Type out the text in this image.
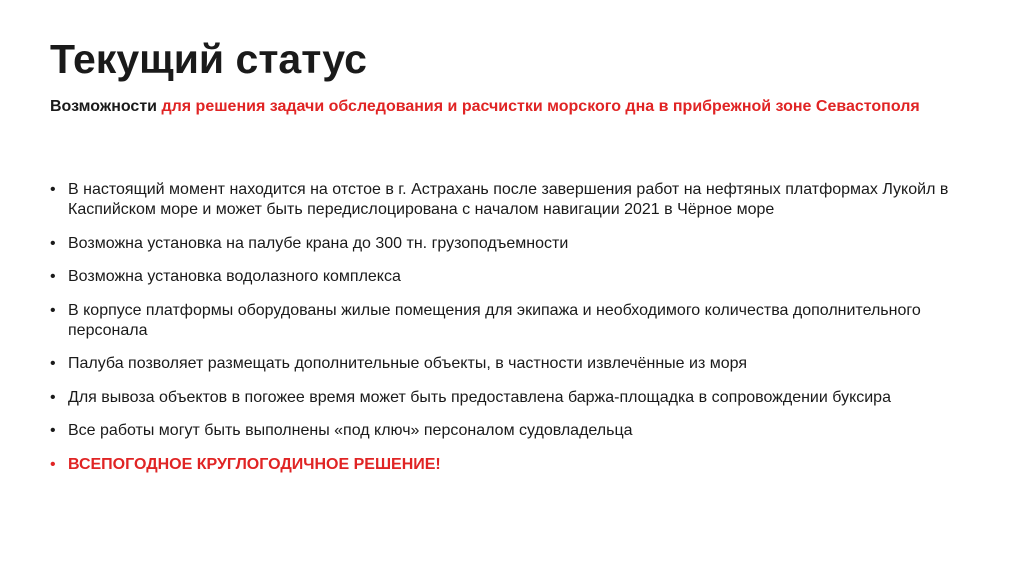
Текущий статус
Возможности для решения задачи обследования и расчистки морского дна в прибрежной зоне Севастополя
• В настоящий момент находится на отстое в г. Астрахань после завершения работ на нефтяных платформах Лукойл в Каспийском море и может быть передислоцирована с началом навигации 2021 в Чёрное море
• Возможна установка на палубе крана до 300 тн. грузоподъемности
• Возможна установка водолазного комплекса
• В корпусе платформы оборудованы жилые помещения для экипажа и необходимого количества дополнительного персонала
• Палуба позволяет размещать дополнительные объекты, в частности извлечённые из моря
• Для вывоза объектов в погожее время может быть предоставлена баржа-площадка в сопровождении буксира
• Все работы могут быть выполнены «под ключ» персоналом судовладельца
• ВСЕПОГОДНОЕ КРУГЛОГОДИЧНОЕ РЕШЕНИЕ!
